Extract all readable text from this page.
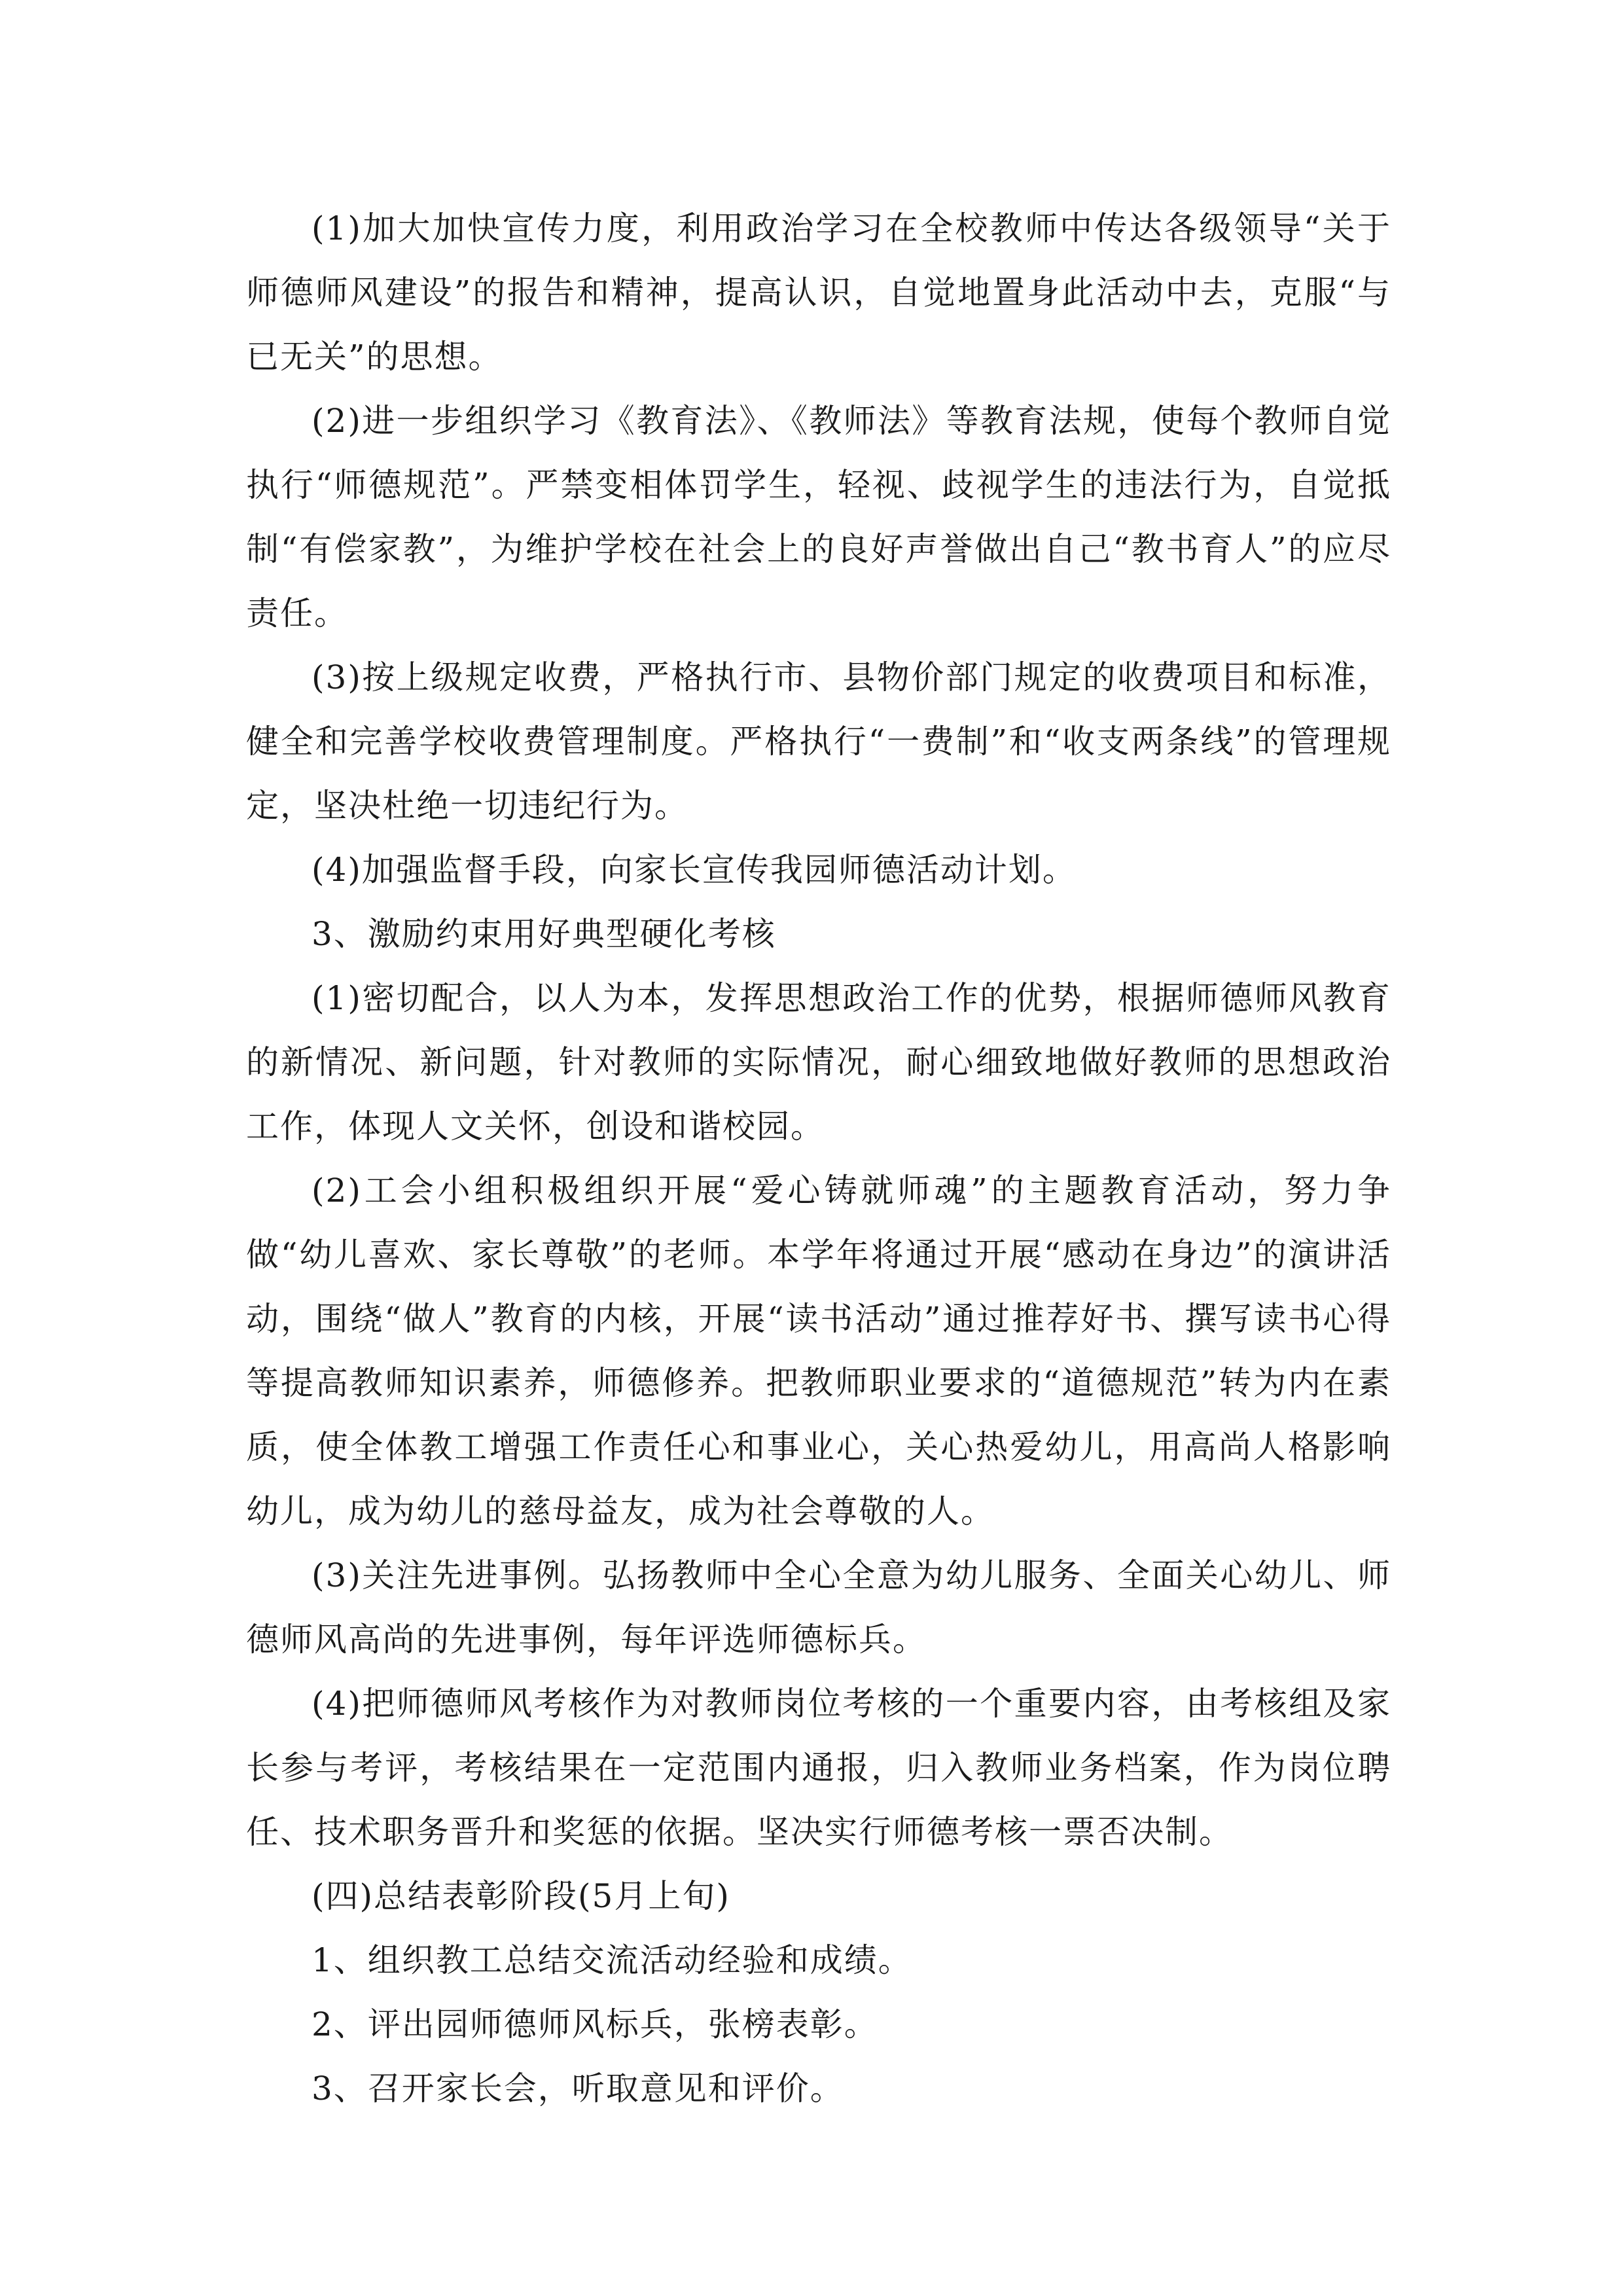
(1)加大加快宣传力度，利用政治学习在全校教师中传达各级领导“关于师德师风建设”的报告和精神，提高认识，自觉地置身此活动中去，克服“与已无关”的思想。

(2)进一步组织学习《教育法》、《教师法》等教育法规，使每个教师自觉执行“师德规范”。严禁变相体罚学生，轻视、歧视学生的违法行为，自觉抵制“有偿家教”，为维护学校在社会上的良好声誉做出自己“教书育人”的应尽责任。

(3)按上级规定收费，严格执行市、县物价部门规定的收费项目和标准，健全和完善学校收费管理制度。严格执行“一费制”和“收支两条线”的管理规定，坚决杜绝一切违纪行为。

(4)加强监督手段，向家长宣传我园师德活动计划。

3、激励约束用好典型硬化考核

(1)密切配合，以人为本，发挥思想政治工作的优势，根据师德师风教育的新情况、新问题，针对教师的实际情况，耐心细致地做好教师的思想政治工作，体现人文关怀，创设和谐校园。

(2)工会小组积极组织开展“爱心铸就师魂”的主题教育活动，努力争做“幼儿喜欢、家长尊敬”的老师。本学年将通过开展“感动在身边”的演讲活动，围绕“做人”教育的内核，开展“读书活动”通过推荐好书、撰写读书心得等提高教师知识素养，师德修养。把教师职业要求的“道德规范”转为内在素质，使全体教工增强工作责任心和事业心，关心热爱幼儿，用高尚人格影响幼儿，成为幼儿的慈母益友，成为社会尊敬的人。

(3)关注先进事例。弘扬教师中全心全意为幼儿服务、全面关心幼儿、师德师风高尚的先进事例，每年评选师德标兵。

(4)把师德师风考核作为对教师岗位考核的一个重要内容，由考核组及家长参与考评，考核结果在一定范围内通报，归入教师业务档案，作为岗位聘任、技术职务晋升和奖惩的依据。坚决实行师德考核一票否决制。

(四)总结表彰阶段(5月上旬)

1、组织教工总结交流活动经验和成绩。

2、评出园师德师风标兵，张榜表彰。

3、召开家长会，听取意见和评价。
